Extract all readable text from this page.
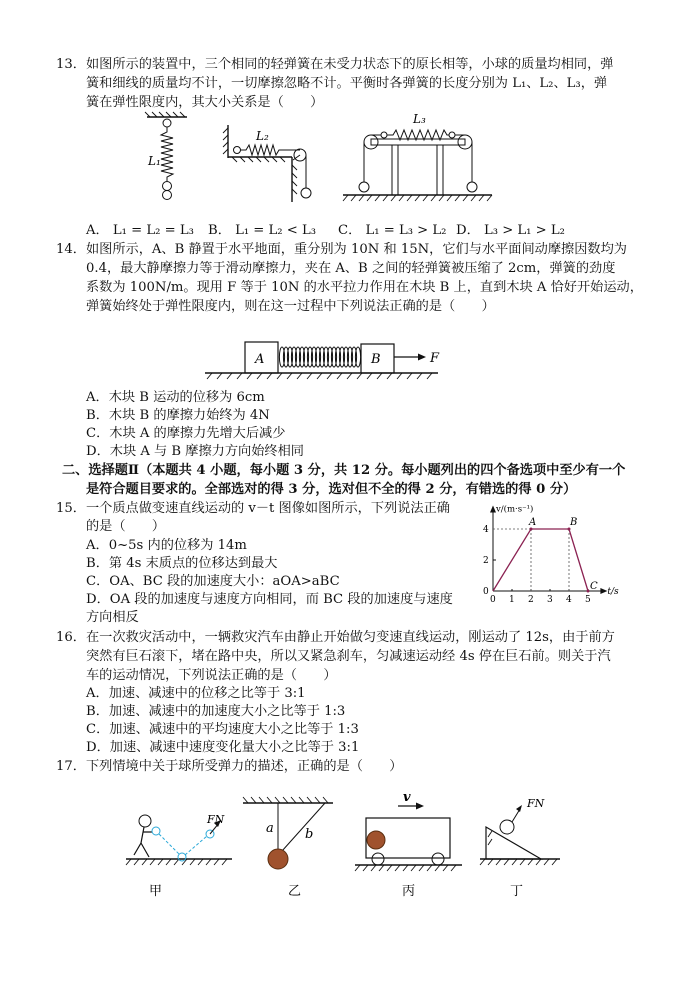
13．如图所示的装置中，三个相同的轻弹簧在未受力状态下的原长相等，小球的质量均相同，弹
簧和细线的质量均不计，一切摩擦忽略不计。平衡时各弹簧的长度分别为 L₁、L₂、L₃，弹
簧在弹性限度内，其大小关系是（　　）
L₁
L₂
L₃
A． L₁ = L₂ = L₃ B． L₁ = L₂ < L₃ C． L₁ = L₃ > L₂ D． L₃ > L₁ > L₂
14．如图所示，A、B 静置于水平地面，重分别为 10N 和 15N，它们与水平面间动摩擦因数均为
0.4，最大静摩擦力等于滑动摩擦力，夹在 A、B 之间的轻弹簧被压缩了 2cm，弹簧的劲度
系数为 100N/m。现用 F 等于 10N 的水平拉力作用在木块 B 上，直到木块 A 恰好开始运动，
弹簧始终处于弹性限度内，则在这一过程中下列说法正确的是（　　）
A	B	F
A．木块 B 运动的位移为 6cm
B．木块 B 的摩擦力始终为 4N
C．木块 A 的摩擦力先增大后减少
D．木块 A 与 B 摩擦力方向始终相同
二、选择题Ⅱ（本题共 4 小题，每小题 3 分，共 12 分。每小题列出的四个备选项中至少有一个
是符合题目要求的。全部选对的得 3 分，选对但不全的得 2 分，有错选的得 0 分）
15．一个质点做变速直线运动的 v－t 图像如图所示，下列说法正确
的是（　　）
A．0~5s 内的位移为 14m
B．第 4s 末质点的位移达到最大
C．OA、BC 段的加速度大小：aOA>aBC
D．OA 段的加速度与速度方向相同，而 BC 段的加速度与速度
方向相反
0 1 2 3 4 5
2
4
0
A	B
C
v/(m·s⁻¹)
t/s
16．在一次救灾活动中，一辆救灾汽车由静止开始做匀变速直线运动，刚运动了 12s，由于前方
突然有巨石滚下，堵在路中央，所以又紧急刹车，匀减速运动经 4s 停在巨石前。则关于汽
车的运动情况，下列说法正确的是（　　）
A．加速、减速中的位移之比等于 3:1
B．加速、减速中的加速度大小之比等于 1:3
C．加速、减速中的平均速度大小之比等于 1:3
D．加速、减速中速度变化量大小之比等于 3:1
17．下列情境中关于球所受弹力的描述，正确的是（　　）
FN
甲
a b
乙
v
丙
FN
丁
